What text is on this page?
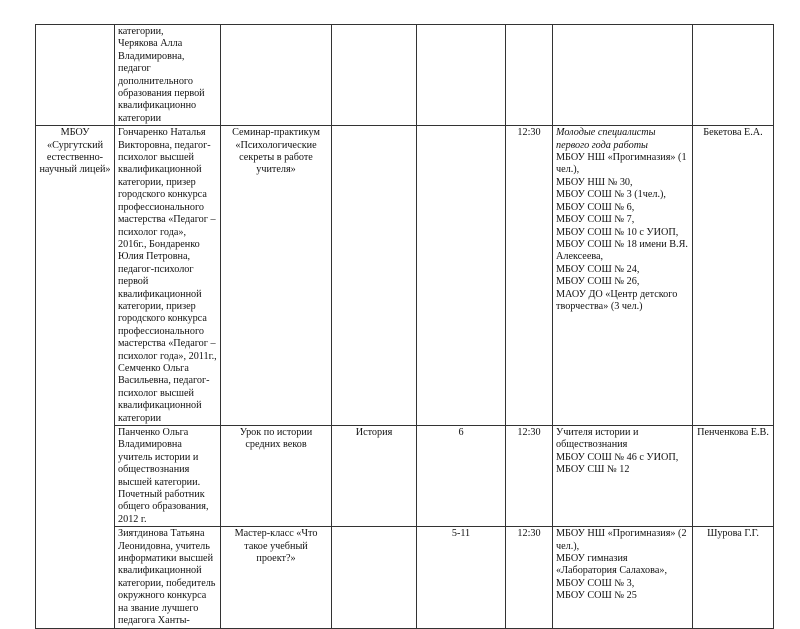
	категории,
Черякова Алла Владимировна, педагог дополнительного образования первой квалификационно категории						

МБОУ «Сургутский естественно-научный лицей»	Гончаренко Наталья Викторовна, педагог-психолог высшей квалификационной категории, призер городского конкурса профессионального мастерства «Педагог – психолог года», 2016г., Бондаренко Юлия Петровна, педагог-психолог первой квалификационной категории, призер городского конкурса профессионального мастерства «Педагог – психолог года», 2011г., Семченко Ольга Васильевна, педагог-психолог высшей квалификационной категории	Семинар-практикум «Психологические секреты в работе учителя»			12:30	Молодые специалисты первого года работы
МБОУ НШ «Прогимназия» (1 чел.),
МБОУ НШ № 30,
МБОУ СОШ № 3 (1чел.),
МБОУ СОШ № 6,
МБОУ СОШ № 7,
МБОУ СОШ № 10 с УИОП,
МБОУ СОШ № 18 имени В.Я. Алексеева,
МБОУ СОШ № 24,
МБОУ СОШ № 26,
МАОУ ДО «Центр детского творчества» (3 чел.)
	Бекетова Е.А.
	Панченко Ольга Владимировна учитель истории и обществознания высшей категории. Почетный работник общего образования, 2012 г.	Урок по истории средних веков	История	6	12:30	Учителя истории и обществознания
МБОУ СОШ № 46 с УИОП,
МБОУ СШ № 12	Пенченкова Е.В.
	Зиятдинова Татьяна Леонидовна, учитель информатики высшей квалификационной категории, победитель окружного конкурса на звание лучшего педагога Ханты-	Мастер-класс «Что такое учебный проект?»		5-11	12:30	МБОУ НШ «Прогимназия» (2 чел.),
МБОУ гимназия «Лаборатория Салахова»,
МБОУ СОШ № 3,
МБОУ СОШ № 25	Шурова Г.Г.
